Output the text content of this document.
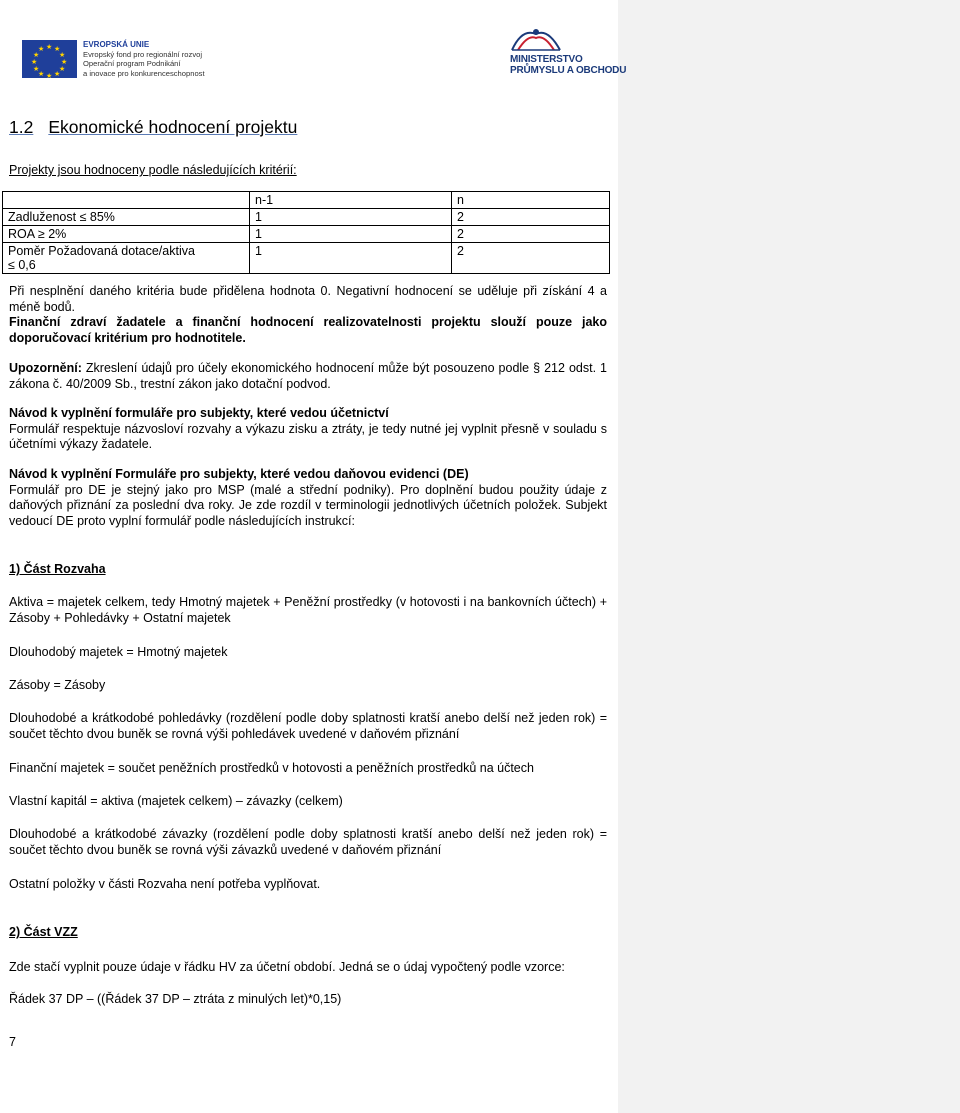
★ ★
★
★
★
★
★
★
★
★
★
★
EVROPSKÁ UNIE
Evropský fond pro regionální rozvoj
Operační program Podnikání
a inovace pro konkurenceschopnost
MINISTERSTVO
PRŮMYSLU A OBCHODU
1.2 Ekonomické hodnocení projektu
Projekty jsou hodnoceny podle následujících kritérií:
	n-1	n
Zadluženost ≤ 85%	1	2
ROA ≥ 2%	1	2
Poměr Požadovaná dotace/aktiva ≤ 0,6	1	2
Při nesplnění daného kritéria bude přidělena hodnota 0. Negativní hodnocení se uděluje při získání 4 a méně bodů.
Finanční zdraví žadatele a finanční hodnocení realizovatelnosti projektu slouží pouze jako doporučovací kritérium pro hodnotitele.
Upozornění: Zkreslení údajů pro účely ekonomického hodnocení může být posouzeno podle § 212 odst. 1 zákona č. 40/2009 Sb., trestní zákon jako dotační podvod.
Návod k vyplnění formuláře pro subjekty, které vedou účetnictví
Formulář respektuje názvosloví rozvahy a výkazu zisku a ztráty, je tedy nutné jej vyplnit přesně v souladu s účetními výkazy žadatele.
Návod k vyplnění Formuláře pro subjekty, které vedou daňovou evidenci (DE)
Formulář pro DE je stejný jako pro MSP (malé a střední podniky). Pro doplnění budou použity údaje z daňových přiznání za poslední dva roky. Je zde rozdíl v terminologii jednotlivých účetních položek. Subjekt vedoucí DE proto vyplní formulář podle následujících instrukcí:
1) Část Rozvaha
Aktiva = majetek celkem, tedy Hmotný majetek + Peněžní prostředky (v hotovosti i na bankovních účtech) + Zásoby + Pohledávky + Ostatní majetek
Dlouhodobý majetek = Hmotný majetek
Zásoby = Zásoby
Dlouhodobé a krátkodobé pohledávky (rozdělení podle doby splatnosti kratší anebo delší než jeden rok) = součet těchto dvou buněk se rovná výši pohledávek uvedené v daňovém přiznání
Finanční majetek = součet peněžních prostředků v hotovosti a peněžních prostředků na účtech
Vlastní kapitál = aktiva (majetek celkem) – závazky (celkem)
Dlouhodobé a krátkodobé závazky (rozdělení podle doby splatnosti kratší anebo delší než jeden rok) = součet těchto dvou buněk se rovná výši závazků uvedené v daňovém přiznání
Ostatní položky v části Rozvaha není potřeba vyplňovat.
2) Část VZZ
Zde stačí vyplnit pouze údaje v řádku HV za účetní období. Jedná se o údaj vypočtený podle vzorce:
Řádek 37 DP – ((Řádek 37 DP – ztráta z minulých let)*0,15)
7
